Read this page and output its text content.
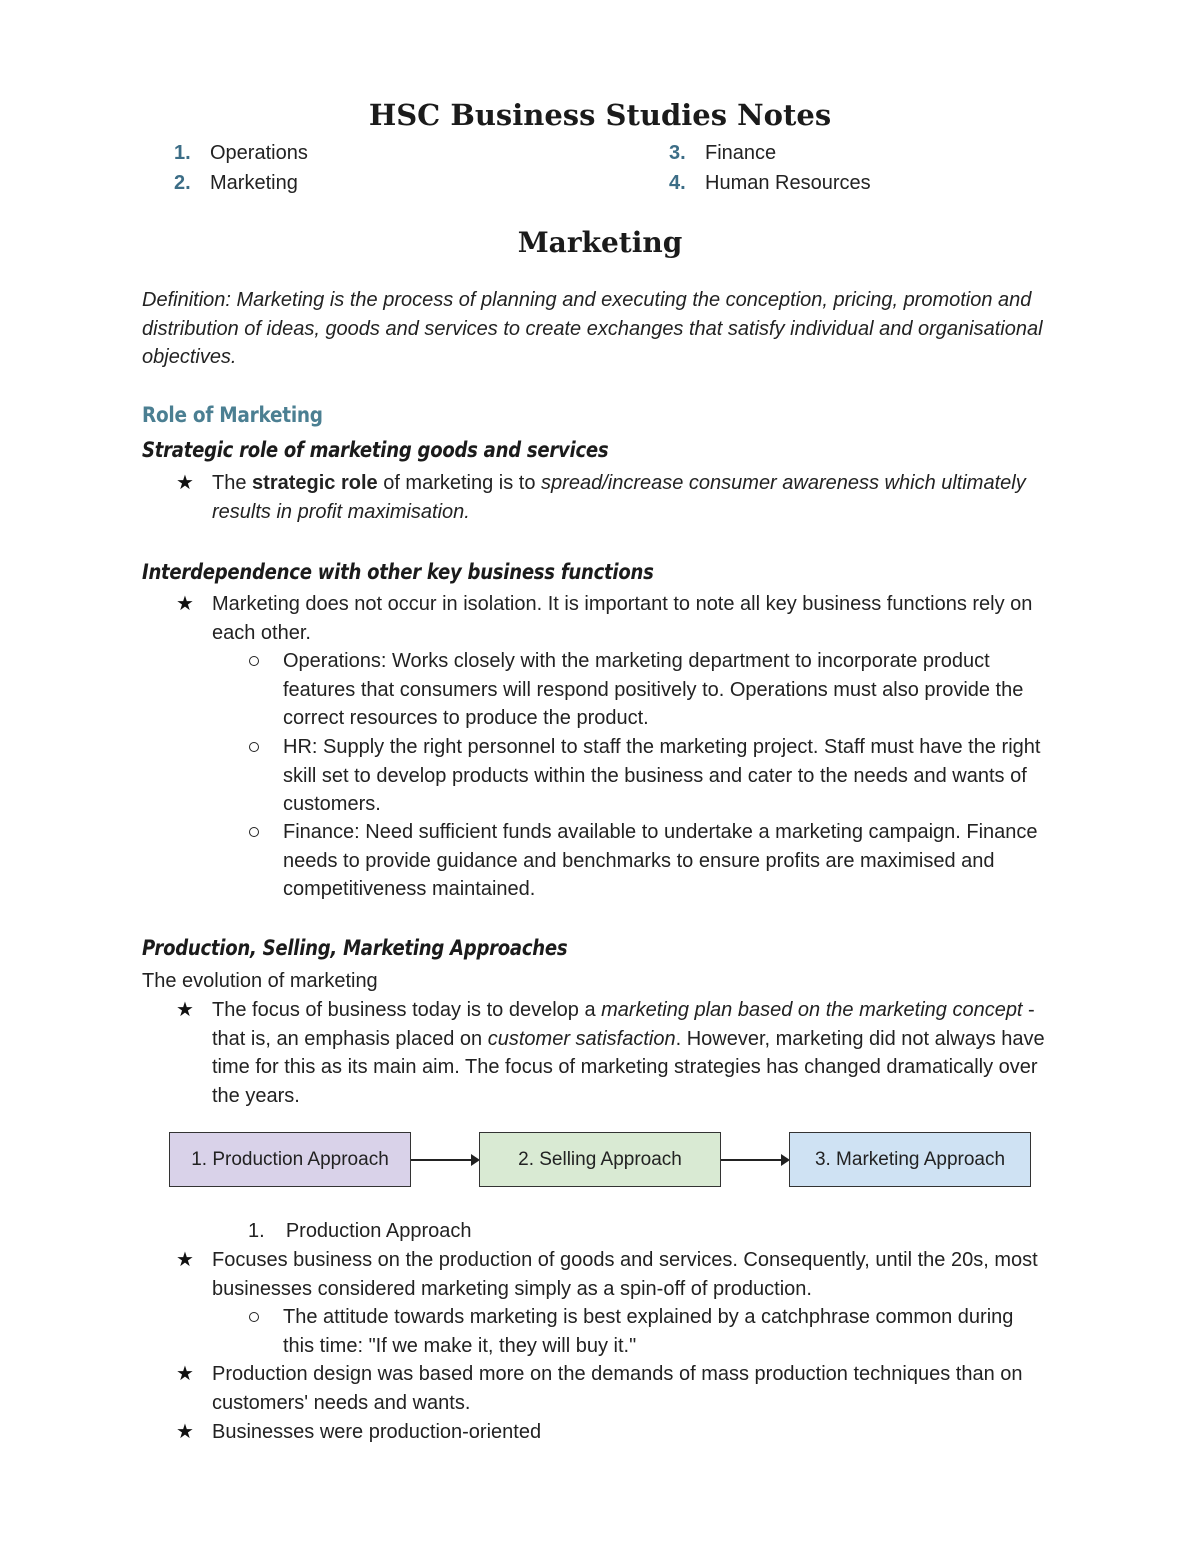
HSC Business Studies Notes
1. Operations
2. Marketing
3. Finance
4. Human Resources
Marketing

Definition: Marketing is the process of planning and executing the conception, pricing, promotion and distribution of ideas, goods and services to create exchanges that satisfy individual and organisational objectives.

Role of Marketing
Strategic role of marketing goods and services
★ The strategic role of marketing is to spread/increase consumer awareness which ultimately results in profit maximisation.
Interdependence with other key business functions
★ Marketing does not occur in isolation. It is important to note all key business functions rely on each other.
Operations: Works closely with the marketing department to incorporate product features that consumers will respond positively to. Operations must also provide the correct resources to produce the product.
HR: Supply the right personnel to staff the marketing project. Staff must have the right skill set to develop products within the business and cater to the needs and wants of customers.
Finance: Need sufficient funds available to undertake a marketing campaign. Finance needs to provide guidance and benchmarks to ensure profits are maximised and competitiveness maintained.
Production, Selling, Marketing Approaches

The evolution of marketing

★ The focus of business today is to develop a marketing plan based on the marketing concept - that is, an emphasis placed on customer satisfaction. However, marketing did not always have time for this as its main aim. The focus of marketing strategies has changed dramatically over the years.
1. Production Approach	2. Selling Approach	3. Marketing Approach
1. Production Approach
★ Focuses business on the production of goods and services. Consequently, until the 20s, most businesses considered marketing simply as a spin-off of production.
The attitude towards marketing is best explained by a catchphrase common during this time: "If we make it, they will buy it."
★ Production design was based more on the demands of mass production techniques than on customers' needs and wants.
★ Businesses were production-oriented
